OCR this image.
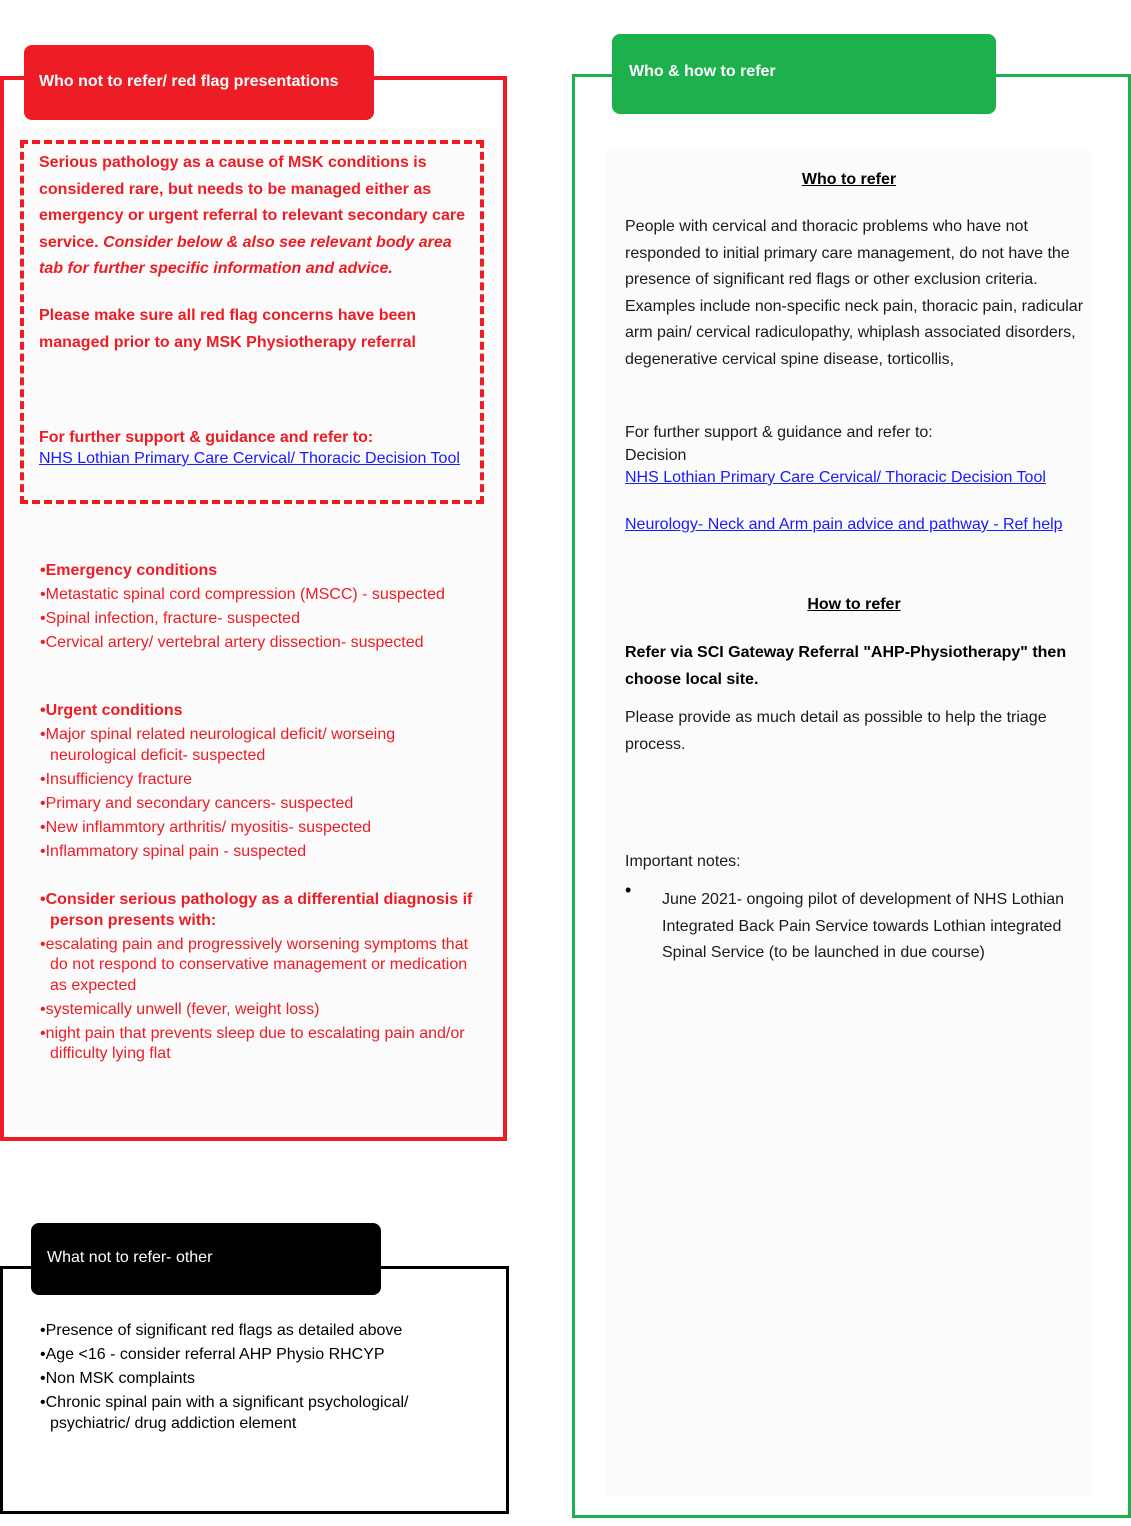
Who not to refer/ red flag presentations
Serious pathology as a cause of MSK conditions is considered rare, but needs to be managed either as emergency or urgent referral to relevant secondary care service. Consider below & also see relevant body area tab for further specific information and advice.
Please make sure all red flag concerns have been managed prior to any MSK Physiotherapy referral
For further support & guidance and refer to:
NHS Lothian Primary Care Cervical/ Thoracic Decision Tool
•Emergency conditions
•Metastatic spinal cord compression (MSCC) - suspected
•Spinal infection, fracture- suspected
•Cervical artery/ vertebral artery dissection- suspected
•Urgent conditions
•Major spinal related neurological deficit/ worseing neurological deficit- suspected
•Insufficiency fracture
•Primary and secondary cancers- suspected
•New inflammtory arthritis/ myositis- suspected
•Inflammatory spinal pain - suspected
•Consider serious pathology as a differential diagnosis if person presents with:
•escalating pain and progressively worsening symptoms that do not respond to conservative management or medication as expected
•systemically unwell (fever, weight loss)
•night pain that prevents sleep due to escalating pain and/or difficulty lying flat
What not to refer- other
•Presence of significant red flags as detailed above
•Age <16 - consider referral AHP Physio RHCYP
•Non MSK complaints
•Chronic spinal pain with a significant psychological/ psychiatric/ drug addiction element
Who & how to refer
Who to refer
People with cervical and thoracic problems who have not responded to initial primary care management, do not have the presence of significant red flags or other exclusion criteria. Examples include non-specific neck pain, thoracic pain, radicular arm pain/ cervical radiculopathy, whiplash associated disorders, degenerative cervical spine disease, torticollis,
For further support & guidance and refer to:
Decision
NHS Lothian Primary Care Cervical/ Thoracic Decision Tool
Neurology- Neck and Arm pain advice and pathway - Ref help
How to refer
Refer via SCI Gateway Referral "AHP-Physiotherapy" then choose local site.
Please provide as much detail as possible to help the triage process.
Important notes:
• June 2021- ongoing pilot of development of NHS Lothian Integrated Back Pain Service towards Lothian integrated Spinal Service (to be launched in due course)
